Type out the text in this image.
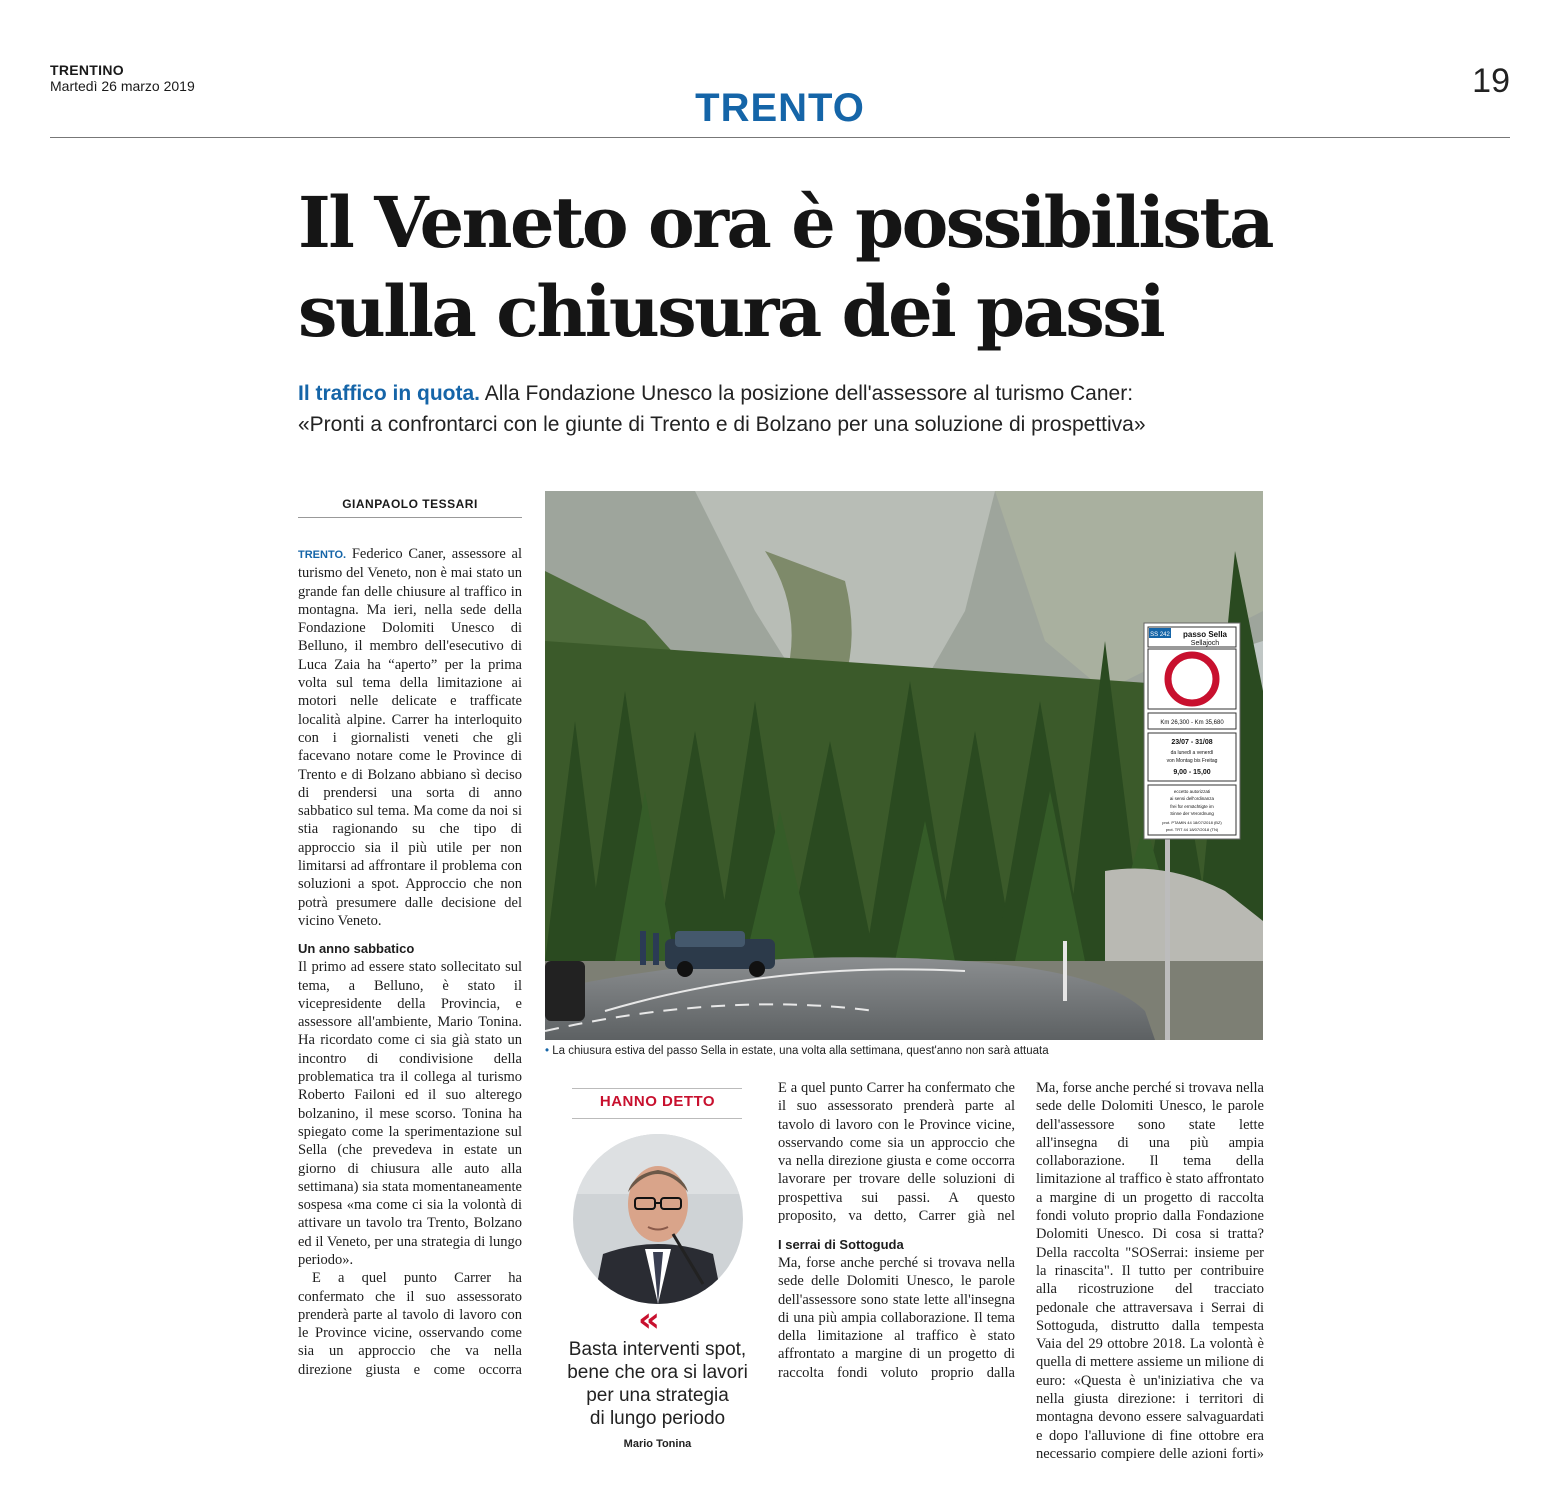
TRENTINO
Martedì 26 marzo 2019	19
TRENTO
Il Veneto ora è possibilista
sulla chiusura dei passi
Il traffico in quota. Alla Fondazione Unesco la posizione dell'assessore al turismo Caner:
«Pronti a confrontarci con le giunte di Trento e di Bolzano per una soluzione di prospettiva»
GIANPAOLO TESSARI

TRENTO. Federico Caner, assessore al turismo del Veneto, non è mai stato un grande fan delle chiusure al traffico in montagna. Ma ieri, nella sede della Fondazione Dolomiti Unesco di Belluno, il membro dell'esecutivo di Luca Zaia ha “aperto” per la prima volta sul tema della limitazione ai motori nelle delicate e trafficate località alpine. Carrer ha interloquito con i giornalisti veneti che gli facevano notare come le Province di Trento e di Bolzano abbiano sì deciso di prendersi una sorta di anno sabbatico sul tema. Ma come da noi si stia ragionando su che tipo di approccio sia il più utile per non limitarsi ad affrontare il problema con soluzioni a spot. Approccio che non potrà presumere dalle decisione del vicino Veneto.

Un anno sabbatico

Il primo ad essere stato sollecitato sul tema, a Belluno, è stato il vicepresidente della Provincia, e assessore all'ambiente, Mario Tonina. Ha ricordato come ci sia già stato un incontro di condivisione della problematica tra il collega al turismo Roberto Failoni ed il suo alterego bolzanino, il mese scorso. Tonina ha spiegato come la sperimentazione sul Sella (che prevedeva in estate un giorno di chiusura alle auto alla settimana) sia stata momentaneamente sospesa «ma come ci sia la volontà di attivare un tavolo tra Trento, Bolzano ed il Veneto, per una strategia di lungo periodo».

E a quel punto Carrer ha confermato che il suo assessorato prenderà parte al tavolo di lavoro con le Province vicine, osservando come sia un approccio che va nella direzione giusta e come occorra

SS 242 passo Sella
Sellajoch
Km 26,300 - Km 35,680
23/07 - 31/08
da lunedì a venerdì
von Montag bis Freitag
9,00 - 15,00
eccetto autorizzati
ai sensi dell'ordinanza
frei für ermächtigte im
Sinne der Verordnung
prot. PTAMIN 44 18/07/2018 (BZ)
prot. TRT 44 18/07/2018 (TN)
• La chiusura estiva del passo Sella in estate, una volta alla settimana, quest'anno non sarà attuata
HANNO DETTO
«
Basta interventi spot,
bene che ora si lavori
per una strategia
di lungo periodo
Mario Tonina

E a quel punto Carrer ha confermato che il suo assessorato prenderà parte al tavolo di lavoro con le Province vicine, osservando come sia un approccio che va nella direzione giusta e come occorra lavorare per trovare delle soluzioni di prospettiva sui passi. A questo proposito, va detto, Carrer già nel

I serrai di Sottoguda

Ma, forse anche perché si trovava nella sede delle Dolomiti Unesco, le parole dell'assessore sono state lette all'insegna di una più ampia collaborazione. Il tema della limitazione al traffico è stato affrontato a margine di un progetto di raccolta fondi voluto proprio dalla

Ma, forse anche perché si trovava nella sede delle Dolomiti Unesco, le parole dell'assessore sono state lette all'insegna di una più ampia collaborazione. Il tema della limitazione al traffico è stato affrontato a margine di un progetto di raccolta fondi voluto proprio dalla Fondazione Dolomiti Unesco. Di cosa si tratta? Della raccolta "SOSerrai: insieme per la rinascita". Il tutto per contribuire alla ricostruzione del tracciato pedonale che attraversava i Serrai di Sottoguda, distrutto dalla tempesta Vaia del 29 ottobre 2018. La volontà è quella di mettere assieme un milione di euro: «Questa è un'iniziativa che va nella giusta direzione: i territori di montagna devono essere salvaguardati e dopo l'alluvione di fine ottobre era necessario compiere delle azioni forti»
